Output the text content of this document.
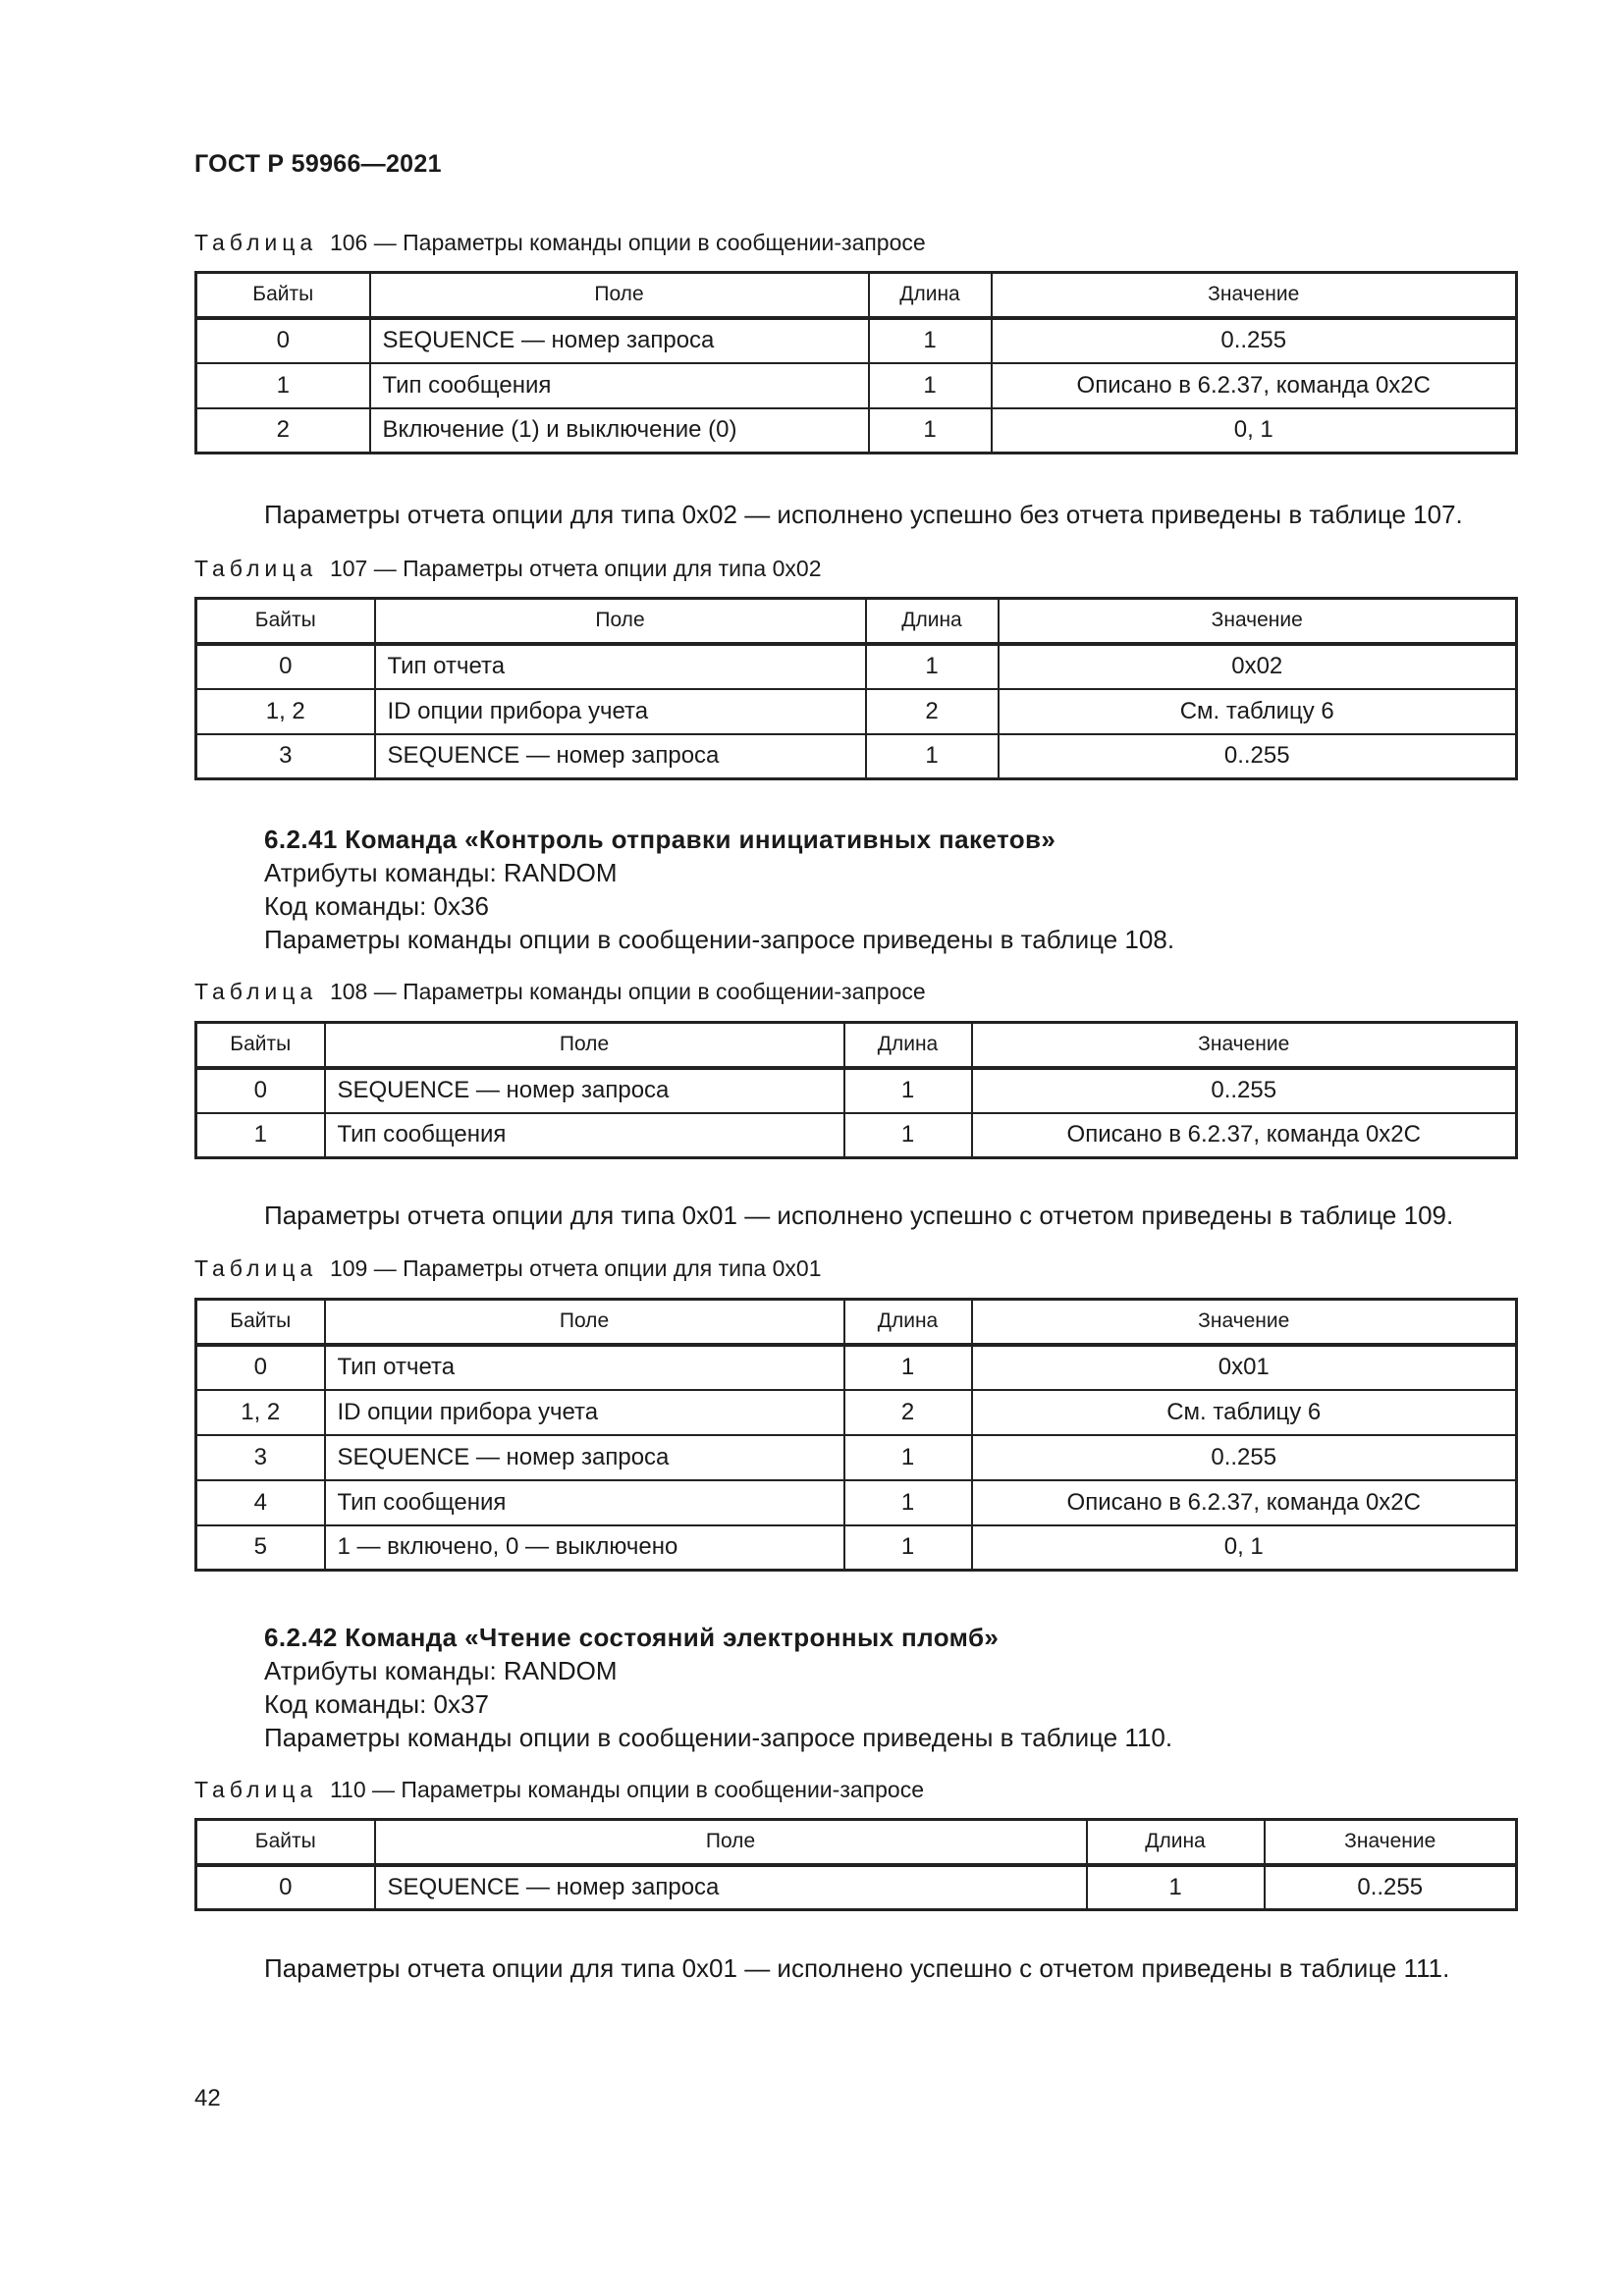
ГОСТ Р 59966—2021
Таблица 106 — Параметры команды опции в сообщении-запросе
Байты	Поле	Длина	Значение
0	SEQUENCE — номер запроса	1	0..255
1	Тип сообщения	1	Описано в 6.2.37, команда 0x2C
2	Включение (1) и выключение (0)	1	0, 1
Параметры отчета опции для типа 0x02 — исполнено успешно без отчета приведены в таблице 107.
Таблица 107 — Параметры отчета опции для типа 0x02
Байты	Поле	Длина	Значение
0	Тип отчета	1	0x02
1, 2	ID опции прибора учета	2	См. таблицу 6
3	SEQUENCE — номер запроса	1	0..255
6.2.41 Команда «Контроль отправки инициативных пакетов»
Атрибуты команды: RANDOM
Код команды: 0x36
Параметры команды опции в сообщении-запросе приведены в таблице 108.
Таблица 108 — Параметры команды опции в сообщении-запросе
Байты	Поле	Длина	Значение
0	SEQUENCE — номер запроса	1	0..255
1	Тип сообщения	1	Описано в 6.2.37, команда 0x2C
Параметры отчета опции для типа 0x01 — исполнено успешно с отчетом приведены в таблице 109.
Таблица 109 — Параметры отчета опции для типа 0x01
Байты	Поле	Длина	Значение
0	Тип отчета	1	0x01
1, 2	ID опции прибора учета	2	См. таблицу 6
3	SEQUENCE — номер запроса	1	0..255
4	Тип сообщения	1	Описано в 6.2.37, команда 0x2C
5	1 — включено, 0 — выключено	1	0, 1
6.2.42 Команда «Чтение состояний электронных пломб»
Атрибуты команды: RANDOM
Код команды: 0x37
Параметры команды опции в сообщении-запросе приведены в таблице 110.
Таблица 110 — Параметры команды опции в сообщении-запросе
Байты	Поле	Длина	Значение
0	SEQUENCE — номер запроса	1	0..255
Параметры отчета опции для типа 0x01 — исполнено успешно с отчетом приведены в таблице 111.
42
